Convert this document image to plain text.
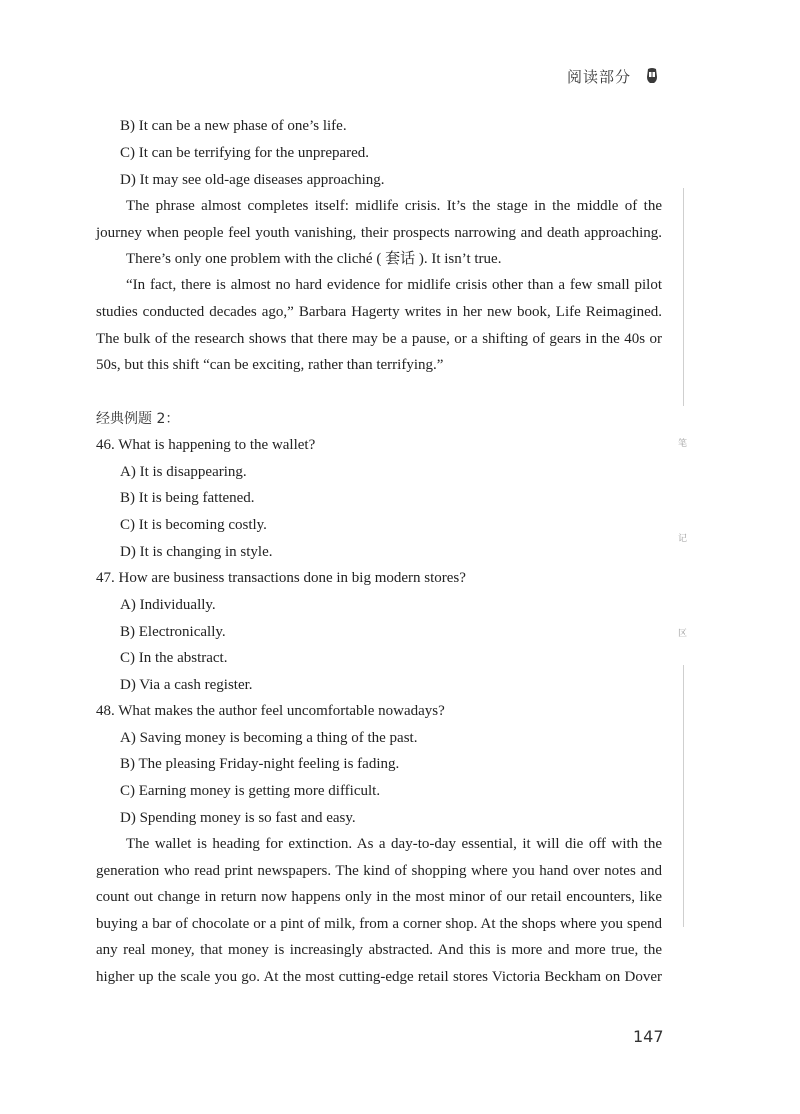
阅读部分
B) It can be a new phase of one’s life.
C) It can be terrifying for the unprepared.
D) It may see old-age diseases approaching.
The phrase almost completes itself: midlife crisis. It’s the stage in the middle of the
journey when people feel youth vanishing, their prospects narrowing and death approaching.
There’s only one problem with the cliché ( 套话 ). It isn’t true.
“In fact, there is almost no hard evidence for midlife crisis other than a few small pilot
studies conducted decades ago,” Barbara Hagerty writes in her new book, Life Reimagined.
The bulk of the research shows that there may be a pause, or a shifting of gears in the 40s or
50s, but this shift “can be exciting, rather than terrifying.”
经典例题 2：
46. What is happening to the wallet?
A) It is disappearing.
B) It is being fattened.
C) It is becoming costly.
D) It is changing in style.
47. How are business transactions done in big modern stores?
A) Individually.
B) Electronically.
C) In the abstract.
D) Via a cash register.
48. What makes the author feel uncomfortable nowadays?
A) Saving money is becoming a thing of the past.
B) The pleasing Friday-night feeling is fading.
C) Earning money is getting more difficult.
D) Spending money is so fast and easy.
The wallet is heading for extinction. As a day-to-day essential, it will die off with the
generation who read print newspapers. The kind of shopping where you hand over notes and
count out change in return now happens only in the most minor of our retail encounters, like
buying a bar of chocolate or a pint of milk, from a corner shop. At the shops where you spend
any real money, that money is increasingly abstracted. And this is more and more true, the
higher up the scale you go. At the most cutting-edge retail stores Victoria Beckham on Dover
笔
记
区
147
